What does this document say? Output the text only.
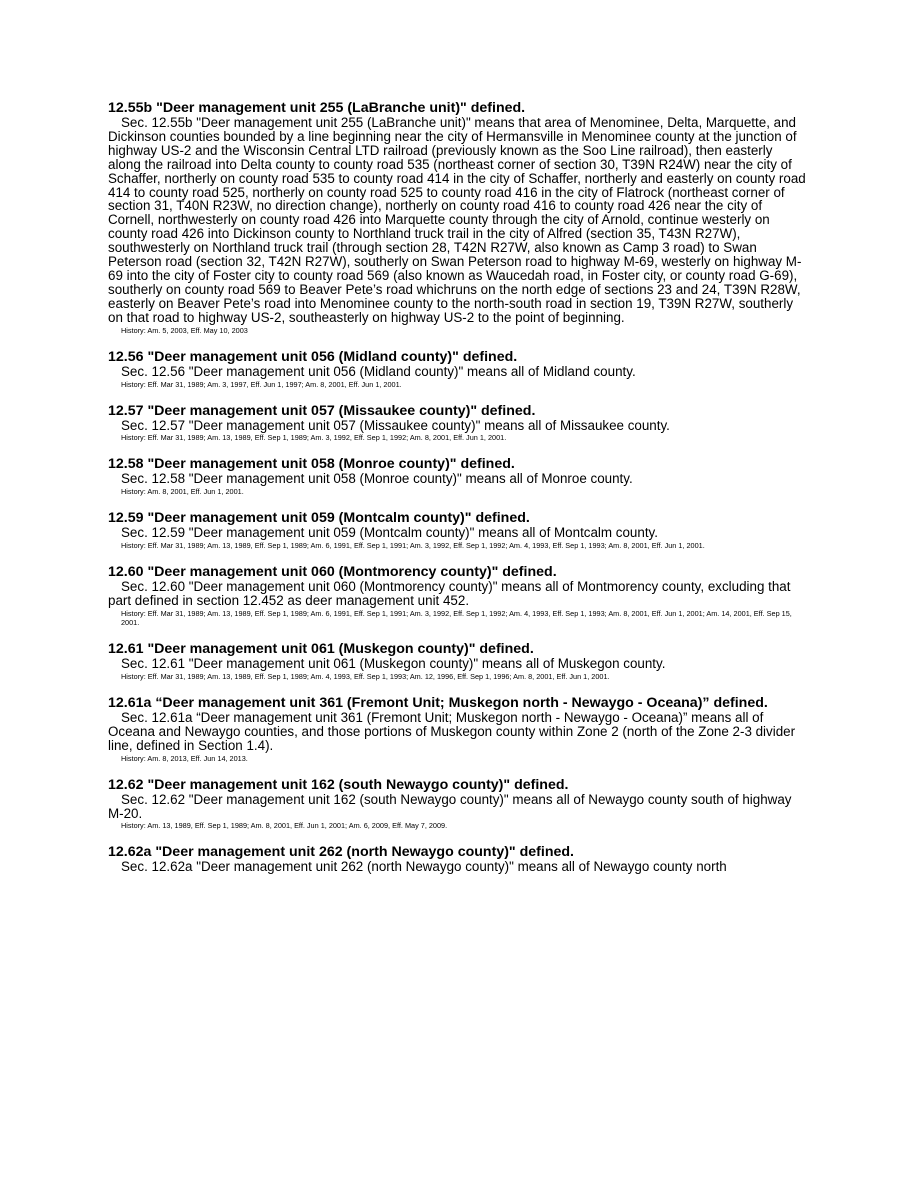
12.55b "Deer management unit 255 (LaBranche unit)" defined.

Sec. 12.55b "Deer management unit 255 (LaBranche unit)" means that area of Menominee, Delta, Marquette, and Dickinson counties bounded by a line beginning near the city of Hermansville in Menominee county at the junction of highway US-2 and the Wisconsin Central LTD railroad (previously known as the Soo Line railroad), then easterly along the railroad into Delta county to county road 535 (northeast corner of section 30, T39N R24W) near the city of Schaffer, northerly on county road 535 to county road 414 in the city of Schaffer, northerly and easterly on county road 414 to county road 525, northerly on county road 525 to county road 416 in the city of Flatrock (northeast corner of section 31, T40N R23W, no direction change), northerly on county road 416 to county road 426 near the city of Cornell, northwesterly on county road 426 into Marquette county through the city of Arnold, continue westerly on county road 426 into Dickinson county to Northland truck trail in the city of Alfred (section 35, T43N R27W), southwesterly on Northland truck trail (through section 28, T42N R27W, also known as Camp 3 road) to Swan Peterson road (section 32, T42N R27W), southerly on Swan Peterson road to highway M-69, westerly on highway M-69 into the city of Foster city to county road 569 (also known as Waucedah road, in Foster city, or county road G-69), southerly on county road 569 to Beaver Pete’s road whichruns on the north edge of sections 23 and 24, T39N R28W, easterly on Beaver Pete’s road into Menominee county to the north-south road in section 19, T39N R27W, southerly on that road to highway US-2, southeasterly on highway US-2 to the point of beginning.

History: Am. 5, 2003, Eff. May 10, 2003

12.56 "Deer management unit 056 (Midland county)" defined.

Sec. 12.56 "Deer management unit 056 (Midland county)" means all of Midland county.

History: Eff. Mar 31, 1989; Am. 3, 1997, Eff. Jun 1, 1997; Am. 8, 2001, Eff. Jun 1, 2001.

12.57 "Deer management unit 057 (Missaukee county)" defined.

Sec. 12.57 "Deer management unit 057 (Missaukee county)" means all of Missaukee county.

History: Eff. Mar 31, 1989; Am. 13, 1989, Eff. Sep 1, 1989; Am. 3, 1992, Eff. Sep 1, 1992; Am. 8, 2001, Eff. Jun 1, 2001.

12.58 "Deer management unit 058 (Monroe county)" defined.

Sec. 12.58 "Deer management unit 058 (Monroe county)" means all of Monroe county.

History: Am. 8, 2001, Eff. Jun 1, 2001.

12.59 "Deer management unit 059 (Montcalm county)" defined.

Sec. 12.59 "Deer management unit 059 (Montcalm county)" means all of Montcalm county.

History: Eff. Mar 31, 1989; Am. 13, 1989, Eff. Sep 1, 1989; Am. 6, 1991, Eff. Sep 1, 1991; Am. 3, 1992, Eff. Sep 1, 1992; Am. 4, 1993, Eff. Sep 1, 1993; Am. 8, 2001, Eff. Jun 1, 2001.

12.60 "Deer management unit 060 (Montmorency county)" defined.

Sec. 12.60 "Deer management unit 060 (Montmorency county)" means all of Montmorency county, excluding that part defined in section 12.452 as deer management unit 452.

History: Eff. Mar 31, 1989; Am. 13, 1989, Eff. Sep 1, 1989; Am. 6, 1991, Eff. Sep 1, 1991; Am. 3, 1992, Eff. Sep 1, 1992; Am. 4, 1993, Eff. Sep 1, 1993; Am. 8, 2001, Eff. Jun 1, 2001; Am. 14, 2001, Eff. Sep 15, 2001.

12.61 "Deer management unit 061 (Muskegon county)" defined.

Sec. 12.61 "Deer management unit 061 (Muskegon county)" means all of Muskegon county.

History: Eff. Mar 31, 1989; Am. 13, 1989, Eff. Sep 1, 1989; Am. 4, 1993, Eff. Sep 1, 1993; Am. 12, 1996, Eff. Sep 1, 1996; Am. 8, 2001, Eff. Jun 1, 2001.

12.61a “Deer management unit 361 (Fremont Unit; Muskegon north - Newaygo - Oceana)” defined.

Sec. 12.61a “Deer management unit 361 (Fremont Unit; Muskegon north - Newaygo - Oceana)” means all of Oceana and Newaygo counties, and those portions of Muskegon county within Zone 2 (north of the Zone 2-3 divider line, defined in Section 1.4).

History: Am. 8, 2013, Eff. Jun 14, 2013.

12.62 "Deer management unit 162 (south Newaygo county)" defined.

Sec. 12.62 "Deer management unit 162 (south Newaygo county)" means all of Newaygo county south of highway M-20.

History: Am. 13, 1989, Eff. Sep 1, 1989; Am. 8, 2001, Eff. Jun 1, 2001; Am. 6, 2009, Eff. May 7, 2009.

12.62a "Deer management unit 262 (north Newaygo county)" defined.

Sec. 12.62a "Deer management unit 262 (north Newaygo county)" means all of Newaygo county north
